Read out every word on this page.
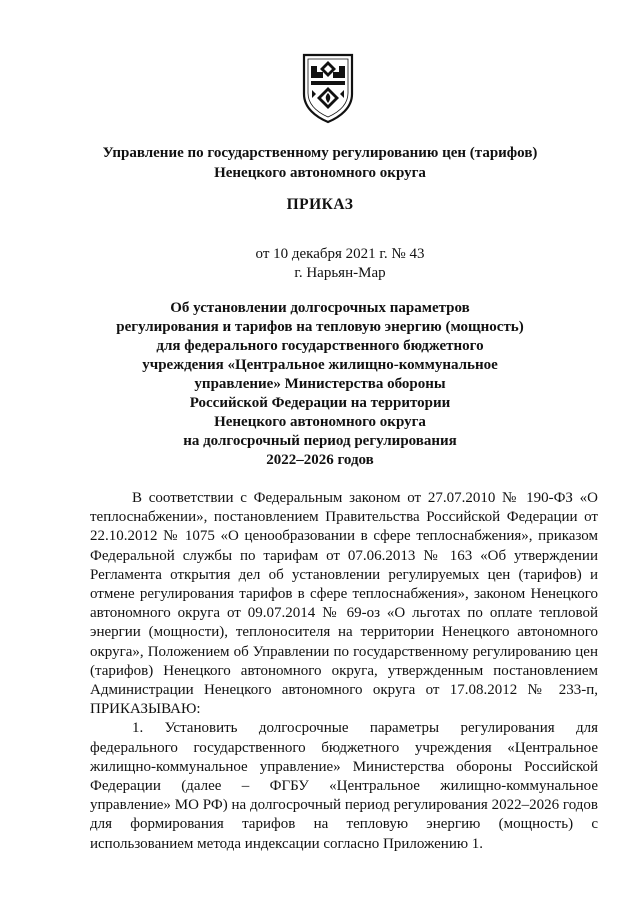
Управление по государственному регулированию цен (тарифов)
Ненецкого автономного округа
ПРИКАЗ
от 10 декабря 2021 г. № 43
г. Нарьян-Мар
Об установлении долгосрочных параметров
регулирования и тарифов на тепловую энергию (мощность)
для федерального государственного бюджетного
учреждения «Центральное жилищно-коммунальное
управление» Министерства обороны
Российской Федерации на территории
Ненецкого автономного округа
на долгосрочный период регулирования
2022–2026 годов

В соответствии с Федеральным законом от 27.07.2010 № 190-ФЗ «О теплоснабжении», постановлением Правительства Российской Федерации от 22.10.2012 № 1075 «О ценообразовании в сфере теплоснабжения», приказом Федеральной службы по тарифам от 07.06.2013 № 163 «Об утверждении Регламента открытия дел об установлении регулируемых цен (тарифов) и отмене регулирования тарифов в сфере теплоснабжения», законом Ненецкого автономного округа от 09.07.2014 № 69-оз «О льготах по оплате тепловой энергии (мощности), теплоносителя на территории Ненецкого автономного округа», Положением об Управлении по государственному регулированию цен (тарифов) Ненецкого автономного округа, утвержденным постановлением Администрации Ненецкого автономного округа от 17.08.2012 № 233-п, ПРИКАЗЫВАЮ:

1. Установить долгосрочные параметры регулирования для федерального государственного бюджетного учреждения «Центральное жилищно-коммунальное управление» Министерства обороны Российской Федерации (далее – ФГБУ «Центральное жилищно-коммунальное управление» МО РФ) на долгосрочный период регулирования 2022–2026 годов для формирования тарифов на тепловую энергию (мощность) с использованием метода индексации согласно Приложению 1.
